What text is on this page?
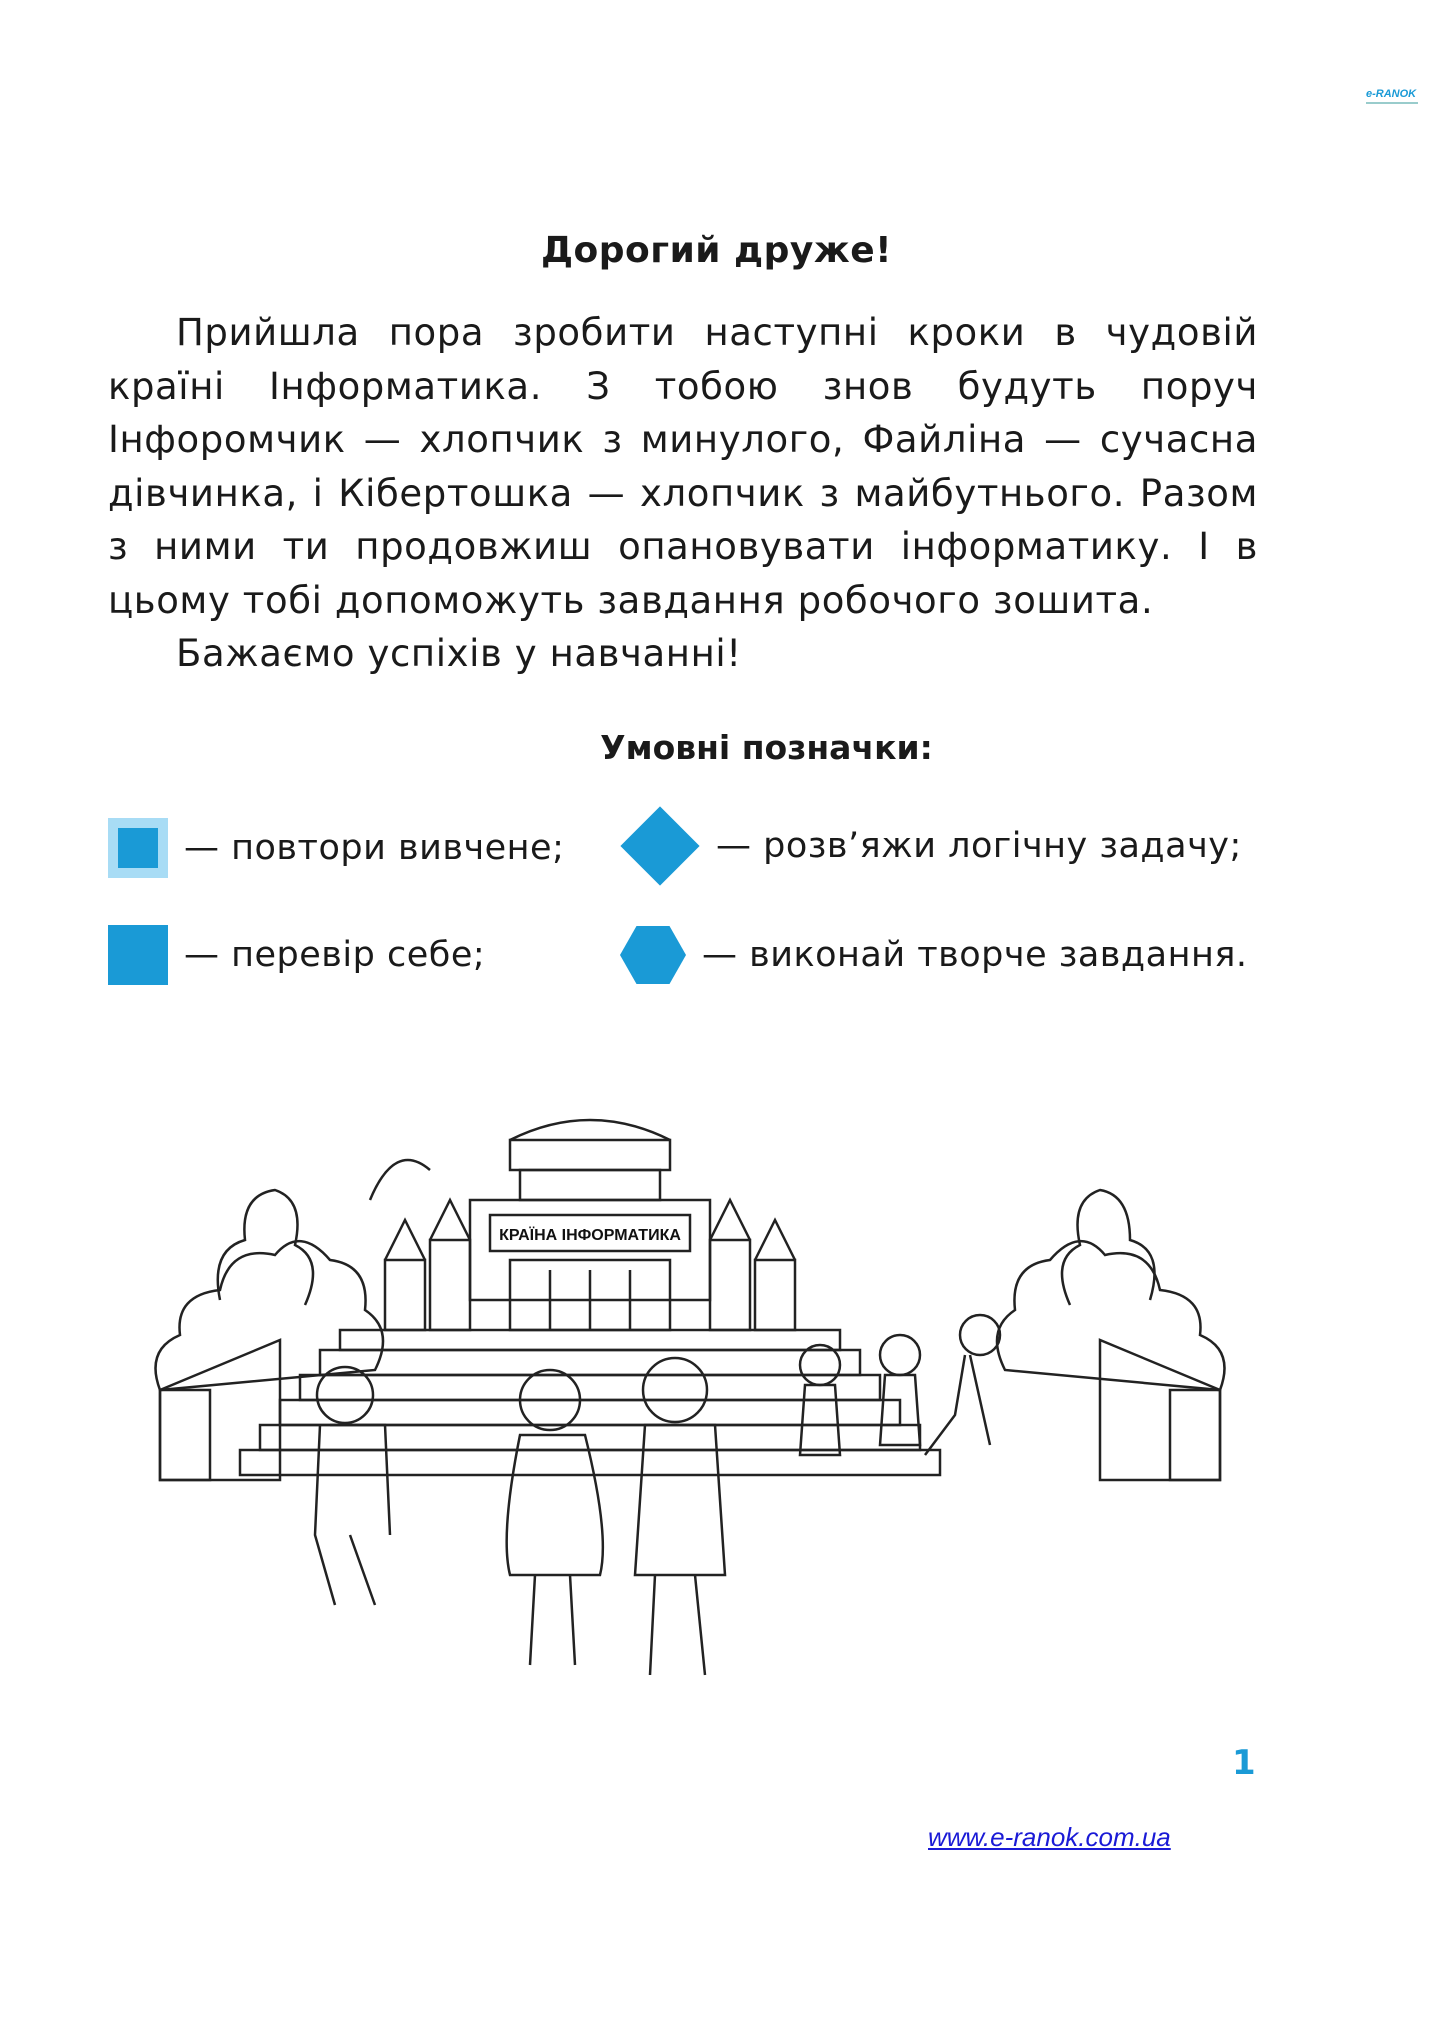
e-RANOK
Дорогий друже!

Прийшла пора зробити наступні кроки в чудовій країні Інформатика. З тобою знов будуть поруч Інфоромчик — хлопчик з минулого, Файліна — сучасна дівчинка, і Кібертошка — хлопчик з майбутнього. Разом з ними ти продовжиш опановувати інформатику. І в цьому тобі допоможуть завдання робочого зошита.

Бажаємо успіхів у навчанні!

Умовні позначки:
— повтори вивчене;	— розв’яжи логічну задачу;
— перевір себе;	— виконай творче завдання.
КРАЇНА ІНФОРМАТИКА
1
www.e-ranok.com.ua
